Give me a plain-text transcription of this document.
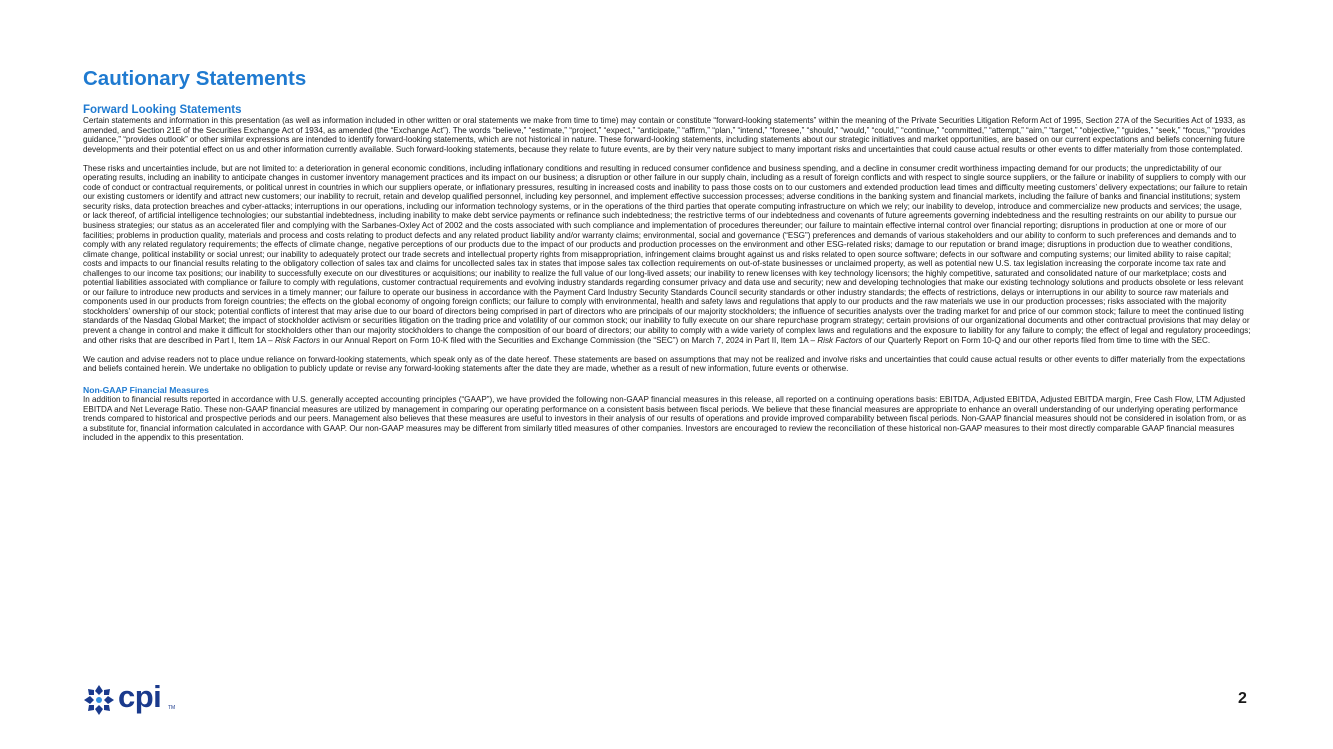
Cautionary Statements
Forward Looking Statements

Certain statements and information in this presentation (as well as information included in other written or oral statements we make from time to time) may contain or constitute “forward-looking statements” within the meaning of the Private Securities Litigation Reform Act of 1995, Section 27A of the Securities Act of 1933, as amended, and Section 21E of the Securities Exchange Act of 1934, as amended (the “Exchange Act”). The words “believe,” “estimate,” “project,” “expect,” “anticipate,” “affirm,” “plan,” “intend,” “foresee,” “should,” “would,” “could,” “continue,” “committed,” “attempt,” “aim,” “target,” “objective,” “guides,” “seek,” “focus,” “provides guidance,” “provides outlook” or other similar expressions are intended to identify forward-looking statements, which are not historical in nature. These forward-looking statements, including statements about our strategic initiatives and market opportunities, are based on our current expectations and beliefs concerning future developments and their potential effect on us and other information currently available. Such forward-looking statements, because they relate to future events, are by their very nature subject to many important risks and uncertainties that could cause actual results or other events to differ materially from those contemplated.

These risks and uncertainties include, but are not limited to: a deterioration in general economic conditions, including inflationary conditions and resulting in reduced consumer confidence and business spending, and a decline in consumer credit worthiness impacting demand for our products; the unpredictability of our operating results, including an inability to anticipate changes in customer inventory management practices and its impact on our business; a disruption or other failure in our supply chain, including as a result of foreign conflicts and with respect to single source suppliers, or the failure or inability of suppliers to comply with our code of conduct or contractual requirements, or political unrest in countries in which our suppliers operate, or inflationary pressures, resulting in increased costs and inability to pass those costs on to our customers and extended production lead times and difficulty meeting customers’ delivery expectations; our failure to retain our existing customers or identify and attract new customers; our inability to recruit, retain and develop qualified personnel, including key personnel, and implement effective succession processes; adverse conditions in the banking system and financial markets, including the failure of banks and financial institutions; system security risks, data protection breaches and cyber-attacks; interruptions in our operations, including our information technology systems, or in the operations of the third parties that operate computing infrastructure on which we rely; our inability to develop, introduce and commercialize new products and services; the usage, or lack thereof, of artificial intelligence technologies; our substantial indebtedness, including inability to make debt service payments or refinance such indebtedness; the restrictive terms of our indebtedness and covenants of future agreements governing indebtedness and the resulting restraints on our ability to pursue our business strategies; our status as an accelerated filer and complying with the Sarbanes-Oxley Act of 2002 and the costs associated with such compliance and implementation of procedures thereunder; our failure to maintain effective internal control over financial reporting; disruptions in production at one or more of our facilities; problems in production quality, materials and process and costs relating to product defects and any related product liability and/or warranty claims; environmental, social and governance (“ESG”) preferences and demands of various stakeholders and our ability to conform to such preferences and demands and to comply with any related regulatory requirements; the effects of climate change, negative perceptions of our products due to the impact of our products and production processes on the environment and other ESG-related risks; damage to our reputation or brand image; disruptions in production due to weather conditions, climate change, political instability or social unrest; our inability to adequately protect our trade secrets and intellectual property rights from misappropriation, infringement claims brought against us and risks related to open source software; defects in our software and computing systems; our limited ability to raise capital; costs and impacts to our financial results relating to the obligatory collection of sales tax and claims for uncollected sales tax in states that impose sales tax collection requirements on out-of-state businesses or unclaimed property, as well as potential new U.S. tax legislation increasing the corporate income tax rate and challenges to our income tax positions; our inability to successfully execute on our divestitures or acquisitions; our inability to realize the full value of our long-lived assets; our inability to renew licenses with key technology licensors; the highly competitive, saturated and consolidated nature of our marketplace; costs and potential liabilities associated with compliance or failure to comply with regulations, customer contractual requirements and evolving industry standards regarding consumer privacy and data use and security; new and developing technologies that make our existing technology solutions and products obsolete or less relevant or our failure to introduce new products and services in a timely manner; our failure to operate our business in accordance with the Payment Card Industry Security Standards Council security standards or other industry standards; the effects of restrictions, delays or interruptions in our ability to source raw materials and components used in our products from foreign countries; the effects on the global economy of ongoing foreign conflicts; our failure to comply with environmental, health and safety laws and regulations that apply to our products and the raw materials we use in our production processes; risks associated with the majority stockholders’ ownership of our stock; potential conflicts of interest that may arise due to our board of directors being comprised in part of directors who are principals of our majority stockholders; the influence of securities analysts over the trading market for and price of our common stock; failure to meet the continued listing standards of the Nasdaq Global Market; the impact of stockholder activism or securities litigation on the trading price and volatility of our common stock; our inability to fully execute on our share repurchase program strategy; certain provisions of our organizational documents and other contractual provisions that may delay or prevent a change in control and make it difficult for stockholders other than our majority stockholders to change the composition of our board of directors; our ability to comply with a wide variety of complex laws and regulations and the exposure to liability for any failure to comply; the effect of legal and regulatory proceedings; and other risks that are described in Part I, Item 1A – Risk Factors in our Annual Report on Form 10-K filed with the Securities and Exchange Commission (the “SEC”) on March 7, 2024 in Part II, Item 1A – Risk Factors of our Quarterly Report on Form 10-Q and our other reports filed from time to time with the SEC.

We caution and advise readers not to place undue reliance on forward-looking statements, which speak only as of the date hereof. These statements are based on assumptions that may not be realized and involve risks and uncertainties that could cause actual results or other events to differ materially from the expectations and beliefs contained herein. We undertake no obligation to publicly update or revise any forward-looking statements after the date they are made, whether as a result of new information, future events or otherwise.

Non-GAAP Financial Measures

In addition to financial results reported in accordance with U.S. generally accepted accounting principles (“GAAP”), we have provided the following non-GAAP financial measures in this release, all reported on a continuing operations basis: EBITDA, Adjusted EBITDA, Adjusted EBITDA margin, Free Cash Flow, LTM Adjusted EBITDA and Net Leverage Ratio. These non-GAAP financial measures are utilized by management in comparing our operating performance on a consistent basis between fiscal periods. We believe that these financial measures are appropriate to enhance an overall understanding of our underlying operating performance trends compared to historical and prospective periods and our peers. Management also believes that these measures are useful to investors in their analysis of our results of operations and provide improved comparability between fiscal periods. Non-GAAP financial measures should not be considered in isolation from, or as a substitute for, financial information calculated in accordance with GAAP. Our non-GAAP measures may be different from similarly titled measures of other companies. Investors are encouraged to review the reconciliation of these historical non-GAAP measures to their most directly comparable GAAP financial measures included in the appendix to this presentation.

cpi TM
2
